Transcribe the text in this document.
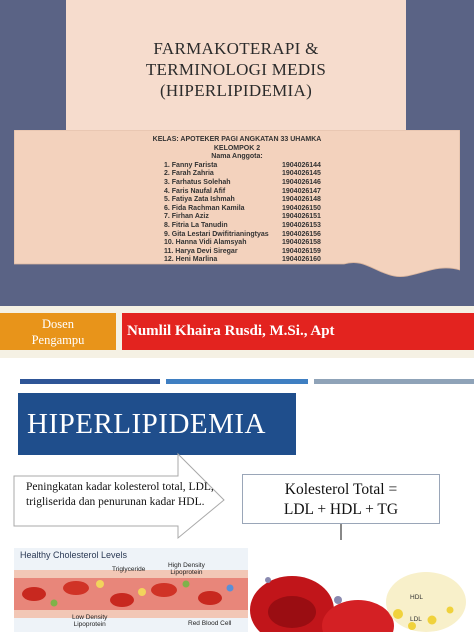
FARMAKOTERAPI &
TERMINOLOGI MEDIS
(HIPERLIPIDEMIA)
KELAS: APOTEKER PAGI ANGKATAN 33 UHAMKA
KELOMPOK 2
Nama Anggota:
1. Fanny Farista	1904026144
2. Farah Zahria	1904026145
3. Farhatus Solehah	1904026146
4. Faris Naufal Afif	1904026147
5. Fatiya Zata Ishmah	1904026148
6. Fida Rachman Kamila	1904026150
7. Firhan Aziz	1904026151
8. Fitria La Tanudin	1904026153
9. Gita Lestari Dwifitrianingtyas 1904026156
10. Hanna Vidi Alamsyah	1904026158
11. Harya Devi Siregar	1904026159
12. Heni Marlina	1904026160
Dosen
Pengampu
Numlil Khaira Rusdi, M.Si., Apt
HIPERLIPIDEMIA
Peningkatan kadar kolesterol total, LDL, trigliserida dan penurunan kadar HDL.
Kolesterol Total =
LDL + HDL + TG
Healthy Cholesterol Levels
Triglyceride
High Density
Lipoprotein
Low Density
Lipoprotein	Red Blood Cell
HDL
LDL
